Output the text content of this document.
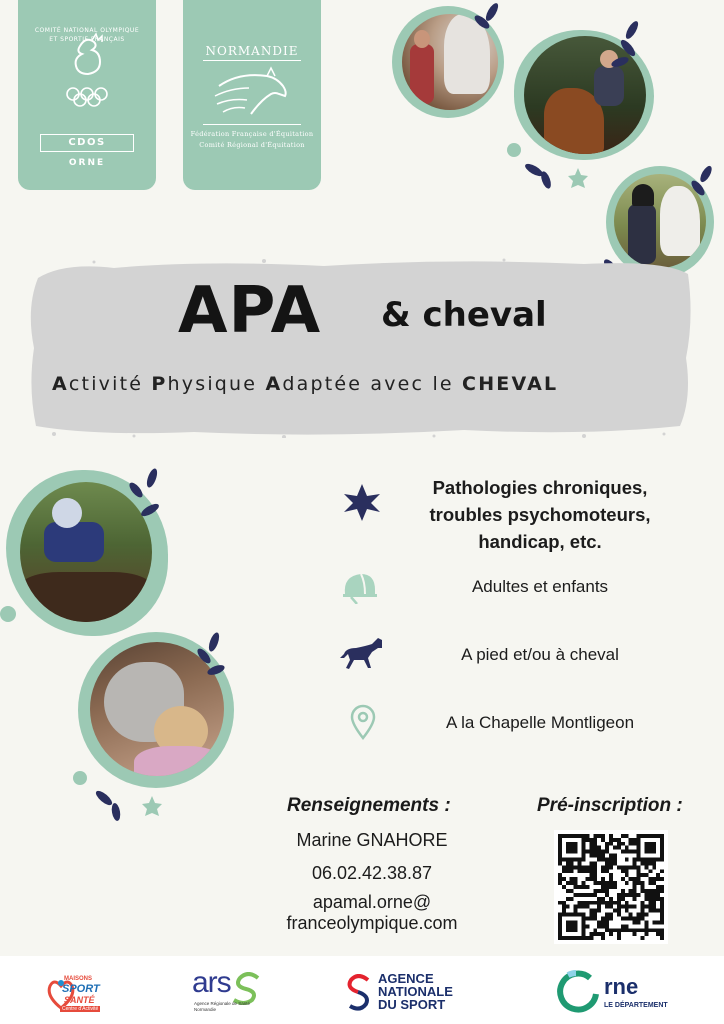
COMITÉ NATIONAL OLYMPIQUE ET SPORTIF FRANÇAIS
CDOS
ORNE
NORMANDIE
Fédération Française d'Équitation
Comité Régional d'Équitation
APA & cheval
Activité Physique Adaptée avec le CHEVAL
Pathologies chroniques,
troubles psychomoteurs,
handicap, etc.
Adultes et enfants
A pied et/ou à cheval
A la Chapelle Montligeon
Renseignements :
Marine GNAHORE
06.02.42.38.87
apamal.orne@
franceolympique.com
Pré-inscription :
MAISONS
SPORT
SANTÉ
Centre d'Activité
ars
Agence Régionale de Santé
Normandie
AGENCE
NATIONALE
DU SPORT
rne
LE DÉPARTEMENT
